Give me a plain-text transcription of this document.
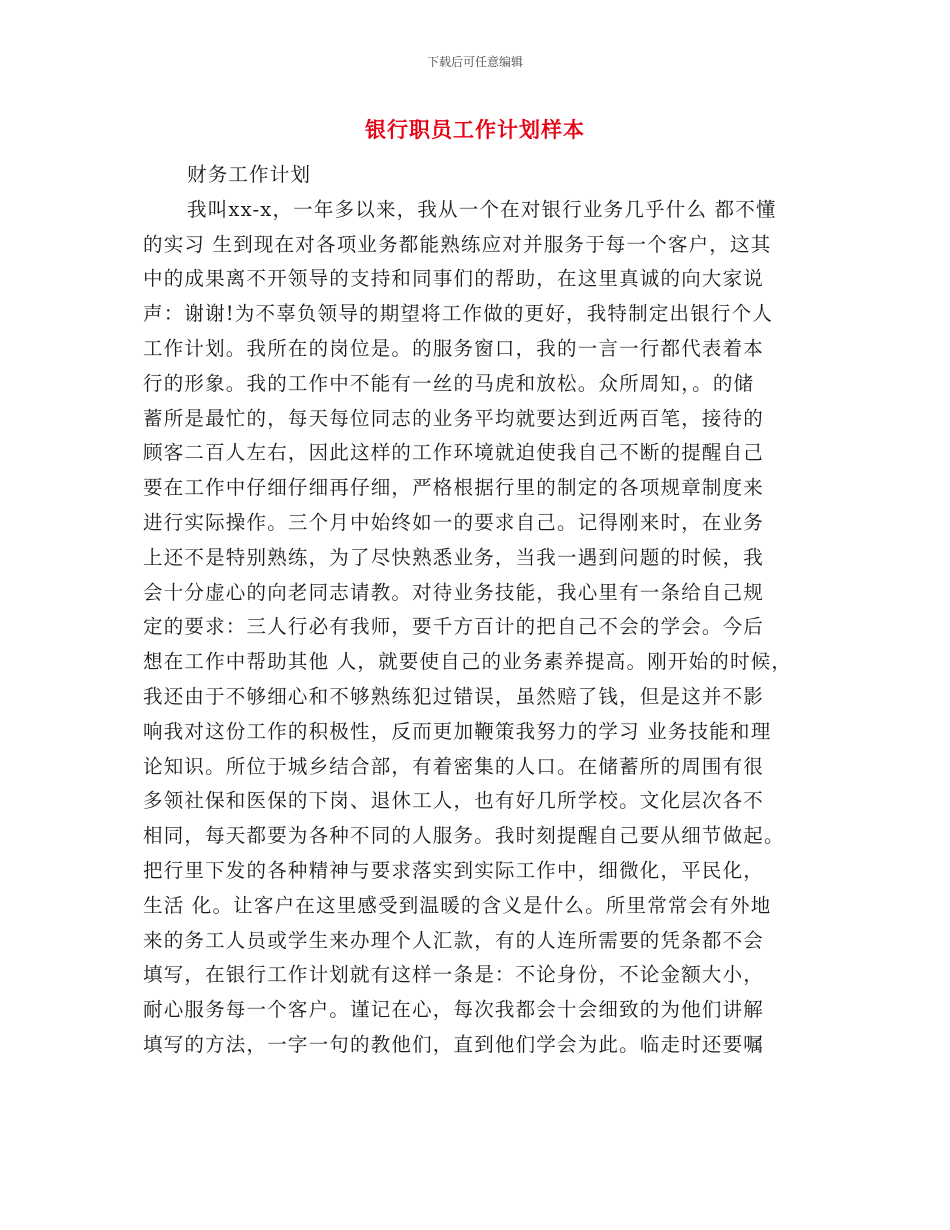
下载后可任意编辑
银行职员工作计划样本
财务工作计划
我叫xx-x，一年多以来，我从一个在对银行业务几乎什么 都不懂
的实习 生到现在对各项业务都能熟练应对并服务于每一个客户，这其
中的成果离不开领导的支持和同事们的帮助，在这里真诚的向大家说
声：谢谢!为不辜负领导的期望将工作做的更好，我特制定出银行个人
工作计划。我所在的岗位是。的服务窗口，我的一言一行都代表着本
行的形象。我的工作中不能有一丝的马虎和放松。众所周知，。的储
蓄所是最忙的，每天每位同志的业务平均就要达到近两百笔，接待的
顾客二百人左右，因此这样的工作环境就迫使我自己不断的提醒自己
要在工作中仔细仔细再仔细，严格根据行里的制定的各项规章制度来
进行实际操作。三个月中始终如一的要求自己。记得刚来时，在业务
上还不是特别熟练，为了尽快熟悉业务，当我一遇到问题的时候，我
会十分虚心的向老同志请教。对待业务技能，我心里有一条给自己规
定的要求：三人行必有我师，要千方百计的把自己不会的学会。今后
想在工作中帮助其他 人，就要使自己的业务素养提高。刚开始的时候，
我还由于不够细心和不够熟练犯过错误，虽然赔了钱，但是这并不影
响我对这份工作的积极性，反而更加鞭策我努力的学习 业务技能和理
论知识。所位于城乡结合部，有着密集的人口。在储蓄所的周围有很
多领社保和医保的下岗、退休工人，也有好几所学校。文化层次各不
相同，每天都要为各种不同的人服务。我时刻提醒自己要从细节做起。
把行里下发的各种精神与要求落实到实际工作中，细微化，平民化，
生活 化。让客户在这里感受到温暖的含义是什么。所里常常会有外地
来的务工人员或学生来办理个人汇款，有的人连所需要的凭条都不会
填写，在银行工作计划就有这样一条是：不论身份，不论金额大小，
耐心服务每一个客户。谨记在心，每次我都会十会细致的为他们讲解
填写的方法，一字一句的教他们，直到他们学会为此。临走时还要嘱
